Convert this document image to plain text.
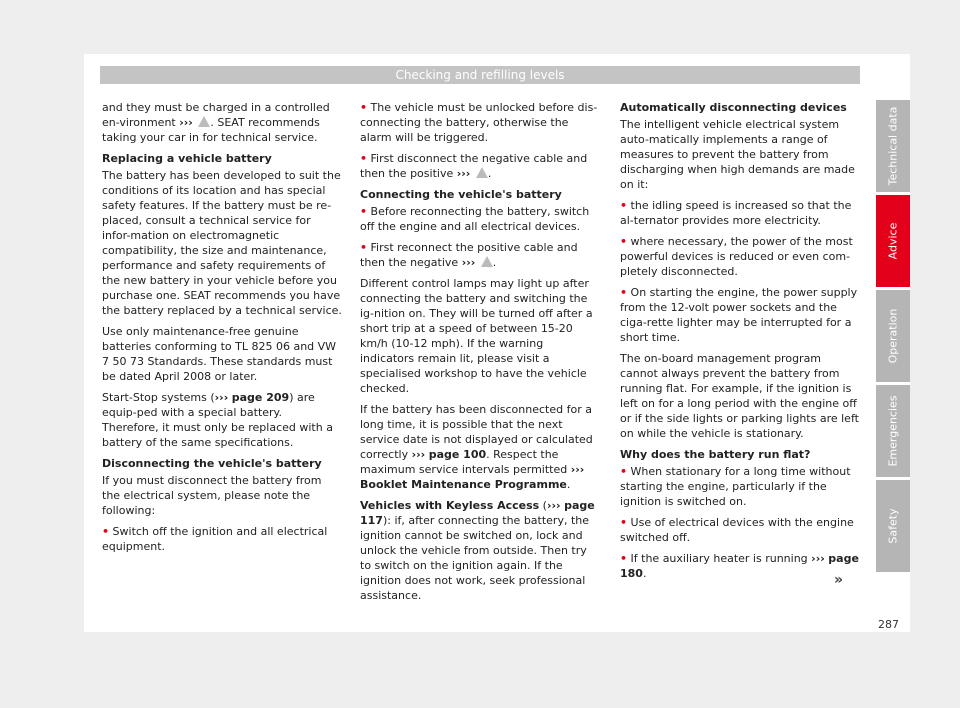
Checking and refilling levels

and they must be charged in a controlled en-vironment ››› . SEAT recommends taking your car in for technical service.

Replacing a vehicle battery

The battery has been developed to suit the conditions of its location and has special safety features. If the battery must be re-placed, consult a technical service for infor-mation on electromagnetic compatibility, the size and maintenance, performance and safety requirements of the new battery in your vehicle before you purchase one. SEAT recommends you have the battery replaced by a technical service.

Use only maintenance-free genuine batteries conforming to TL 825 06 and VW 7 50 73 Standards. These standards must be dated April 2008 or later.

Start-Stop systems (››› page 209) are equip-ped with a special battery. Therefore, it must only be replaced with a battery of the same specifications.

Disconnecting the vehicle's battery

If you must disconnect the battery from the electrical system, please note the following:

• Switch off the ignition and all electrical equipment.

• The vehicle must be unlocked before dis-connecting the battery, otherwise the alarm will be triggered.

• First disconnect the negative cable and then the positive ››› .

Connecting the vehicle's battery

• Before reconnecting the battery, switch off the engine and all electrical devices.

• First reconnect the positive cable and then the negative ››› .

Different control lamps may light up after connecting the battery and switching the ig-nition on. They will be turned off after a short trip at a speed of between 15-20 km/h (10-12 mph). If the warning indicators remain lit, please visit a specialised workshop to have the vehicle checked.

If the battery has been disconnected for a long time, it is possible that the next service date is not displayed or calculated correctly ››› page 100. Respect the maximum service intervals permitted ››› Booklet Maintenance Programme.

Vehicles with Keyless Access (››› page 117): if, after connecting the battery, the ignition cannot be switched on, lock and unlock the vehicle from outside. Then try to switch on the ignition again. If the ignition does not work, seek professional assistance.

Automatically disconnecting devices

The intelligent vehicle electrical system auto-matically implements a range of measures to prevent the battery from discharging when high demands are made on it:

• the idling speed is increased so that the al-ternator provides more electricity.

• where necessary, the power of the most powerful devices is reduced or even com-pletely disconnected.

• On starting the engine, the power supply from the 12-volt power sockets and the ciga-rette lighter may be interrupted for a short time.

The on-board management program cannot always prevent the battery from running flat. For example, if the ignition is left on for a long period with the engine off or if the side lights or parking lights are left on while the vehicle is stationary.

Why does the battery run flat?

• When stationary for a long time without starting the engine, particularly if the ignition is switched on.

• Use of electrical devices with the engine switched off.

• If the auxiliary heater is running ››› page 180.

Technical data
Advice
Operation
Emergencies
Safety
»
287
